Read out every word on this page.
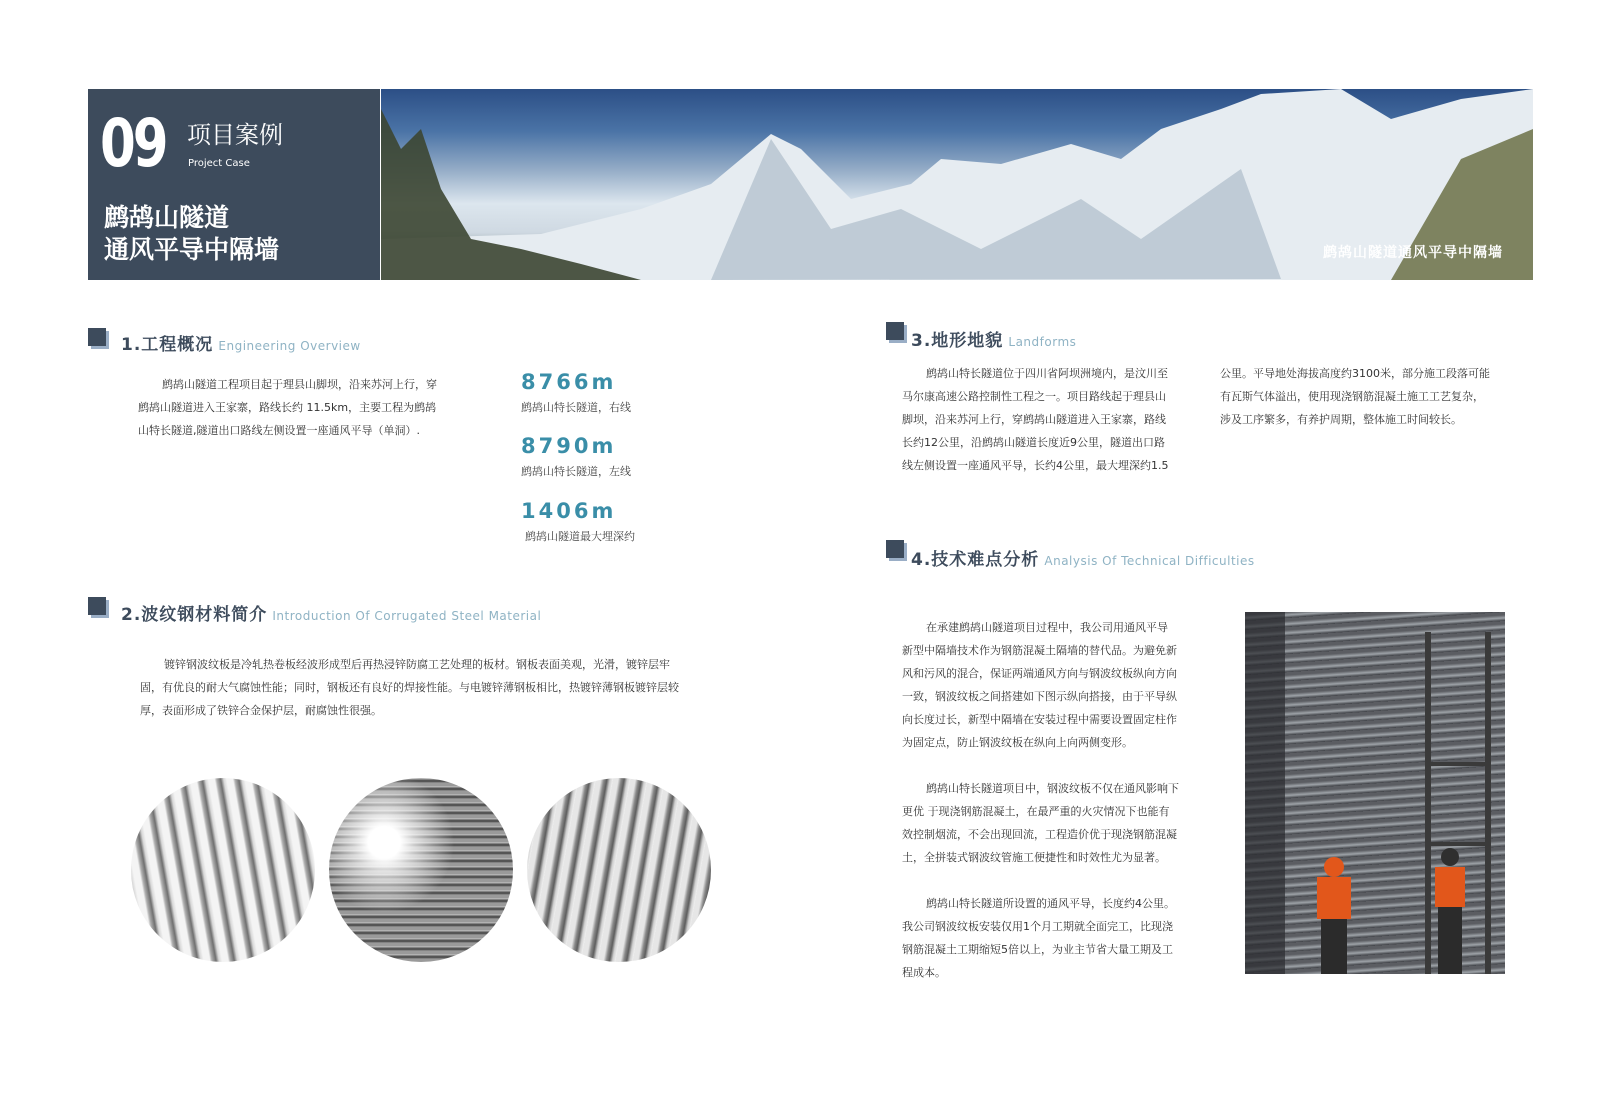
09 项目案例
Project Case
鹧鸪山隧道
通风平导中隔墙	鹧鸪山隧道通风平导中隔墙
1.工程概况 Engineering Overview
鹧鸪山隧道工程项目起于理县山脚坝，沿来苏河上行，穿
鹧鸪山隧道进入王家寨，路线长约 11.5km，主要工程为鹧鸪
山特长隧道,隧道出口路线左侧设置一座通风平导（单洞）.
8766m
鹧鸪山特长隧道，右线
8790m
鹧鸪山特长隧道，左线
1406m
鹧鸪山隧道最大埋深约
2.波纹钢材料简介 Introduction Of Corrugated Steel Material
镀锌钢波纹板是冷轧热卷板经波形成型后再热浸锌防腐工艺处理的板材。钢板表面美观，光滑，镀锌层牢
固，有优良的耐大气腐蚀性能；同时，钢板还有良好的焊接性能。与电镀锌薄钢板相比，热镀锌薄钢板镀锌层较
厚，表面形成了铁锌合金保护层，耐腐蚀性很强。
3.地形地貌 Landforms
鹧鸪山特长隧道位于四川省阿坝洲境内，是汶川至
马尔康高速公路控制性工程之一。项目路线起于理县山
脚坝，沿来苏河上行，穿鹧鸪山隧道进入王家寨，路线
长约12公里，沿鹧鸪山隧道长度近9公里，隧道出口路
线左侧设置一座通风平导，长约4公里，最大埋深约1.5
公里。平导地处海拔高度约3100米，部分施工段落可能
有瓦斯气体溢出，使用现浇钢筋混凝土施工工艺复杂，
涉及工序繁多，有养护周期，整体施工时间较长。
4.技术难点分析 Analysis Of Technical Difficulties
在承建鹧鸪山隧道项目过程中，我公司用通风平导
新型中隔墙技术作为钢筋混凝土隔墙的替代品。为避免新
风和污风的混合，保证两端通风方向与钢波纹板纵向方向
一致，钢波纹板之间搭建如下图示纵向搭接，由于平导纵
向长度过长，新型中隔墙在安装过程中需要设置固定柱作
为固定点，防止钢波纹板在纵向上向两侧变形。
鹧鸪山特长隧道项目中，钢波纹板不仅在通风影响下
更优 于现浇钢筋混凝土，在最严重的火灾情况下也能有
效控制烟流，不会出现回流，工程造价优于现浇钢筋混凝
土，全拼装式钢波纹管施工便捷性和时效性尤为显著。
鹧鸪山特长隧道所设置的通风平导，长度约4公里。
我公司钢波纹板安装仅用1个月工期就全面完工，比现浇
钢筋混凝土工期缩短5倍以上，为业主节省大量工期及工
程成本。
